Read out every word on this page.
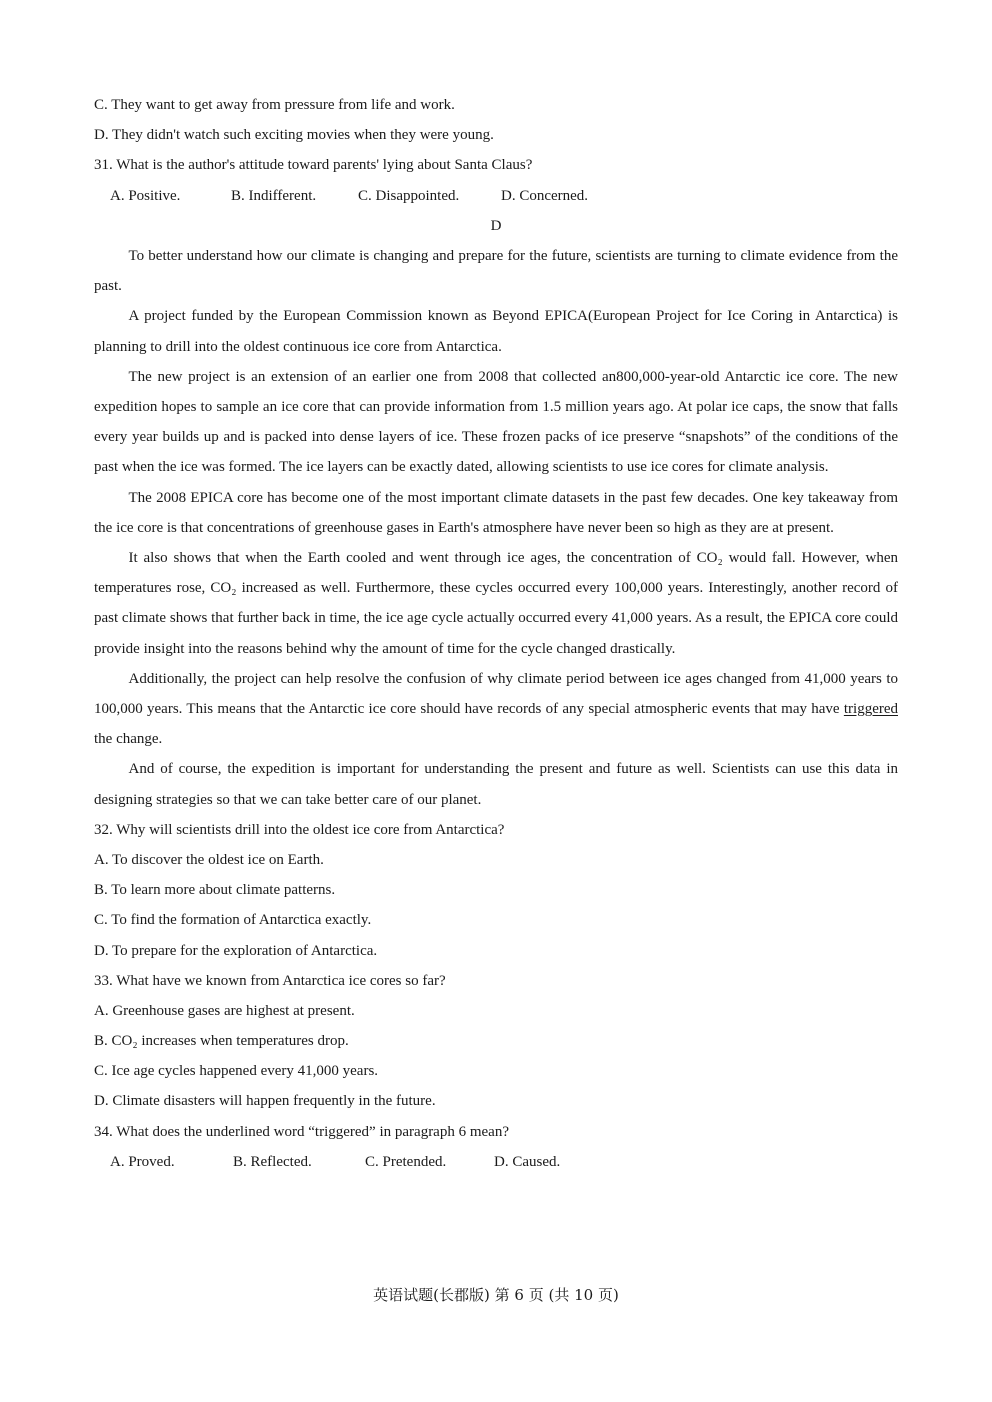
C. They want to get away from pressure from life and work.
D. They didn't watch such exciting movies when they were young.
31. What is the author's attitude toward parents' lying about Santa Claus?
A. Positive.	B. Indifferent.	C. Disappointed.	D. Concerned.
D
To better understand how our climate is changing and prepare for the future, scientists are turning to climate evidence from the past.
A project funded by the European Commission known as Beyond EPICA(European Project for Ice Coring in Antarctica) is planning to drill into the oldest continuous ice core from Antarctica.
The new project is an extension of an earlier one from 2008 that collected an800,000-year-old Antarctic ice core. The new expedition hopes to sample an ice core that can provide information from 1.5 million years ago. At polar ice caps, the snow that falls every year builds up and is packed into dense layers of ice. These frozen packs of ice preserve “snapshots” of the conditions of the past when the ice was formed. The ice layers can be exactly dated, allowing scientists to use ice cores for climate analysis.
The 2008 EPICA core has become one of the most important climate datasets in the past few decades. One key takeaway from the ice core is that concentrations of greenhouse gases in Earth's atmosphere have never been so high as they are at present.
It also shows that when the Earth cooled and went through ice ages, the concentration of CO₂ would fall. However, when temperatures rose, CO₂ increased as well. Furthermore, these cycles occurred every 100,000 years. Interestingly, another record of past climate shows that further back in time, the ice age cycle actually occurred every 41,000 years. As a result, the EPICA core could provide insight into the reasons behind why the amount of time for the cycle changed drastically.
Additionally, the project can help resolve the confusion of why climate period between ice ages changed from 41,000 years to 100,000 years. This means that the Antarctic ice core should have records of any special atmospheric events that may have triggered the change.
And of course, the expedition is important for understanding the present and future as well. Scientists can use this data in designing strategies so that we can take better care of our planet.
32. Why will scientists drill into the oldest ice core from Antarctica?
A. To discover the oldest ice on Earth.
B. To learn more about climate patterns.
C. To find the formation of Antarctica exactly.
D. To prepare for the exploration of Antarctica.
33. What have we known from Antarctica ice cores so far?
A. Greenhouse gases are highest at present.
B. CO₂ increases when temperatures drop.
C. Ice age cycles happened every 41,000 years.
D. Climate disasters will happen frequently in the future.
34. What does the underlined word “triggered” in paragraph 6 mean?
A. Proved.	B. Reflected.	C. Pretended.	D. Caused.
英语试题(长郡版) 第 6 页 (共 10 页)
